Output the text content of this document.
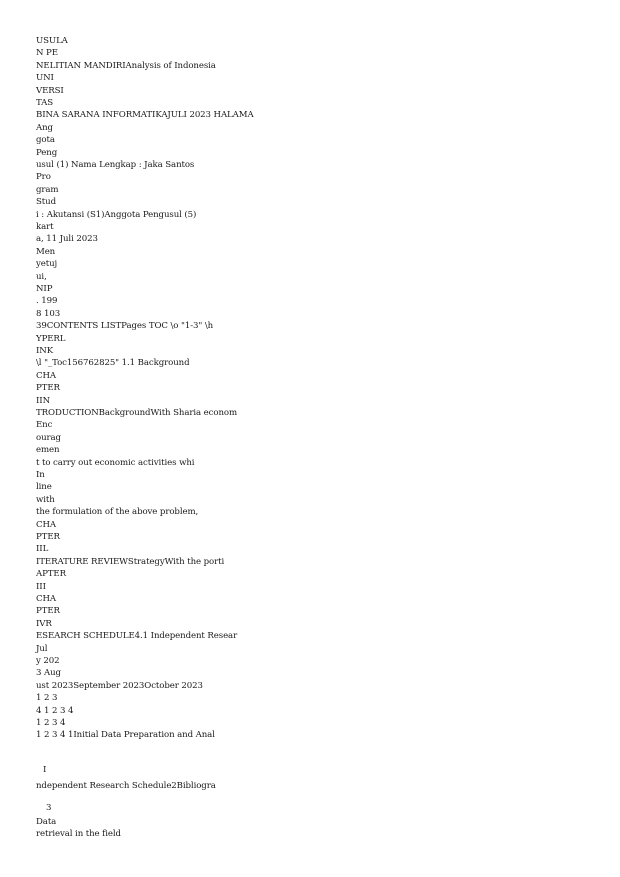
USULA
N PE
NELITIAN MANDIRIAnalysis of Indonesia
UNI
VERSI
TAS
BINA SARANA INFORMATIKAJULI 2023 HALAMA
Ang
gota
Peng
usul (1) Nama Lengkap : Jaka Santos
Pro
gram
Stud
i : Akutansi (S1)Anggota Pengusul (5)
kart
a, 11 Juli 2023
Men
yetuj
ui,
NIP
. 199
8 103
39CONTENTS LISTPages TOC \o "1-3" \h
YPERL
INK
\l "_Toc156762825" 1.1 Background
CHA
PTER
IIN
TRODUCTIONBackgroundWith Sharia econom
Enc
ourag
emen
t to carry out economic activities whi
In
line
with
the formulation of the above problem,
CHA
PTER
IIL
ITERATURE REVIEWStrategyWith the porti
APTER
III
CHA
PTER
IVR
ESEARCH SCHEDULE4.1 Independent Resear
Jul
y 202
3 Aug
ust 2023September 2023October 2023
1 2 3
4 1 2 3 4
1 2 3 4
1 2 3 4 1Initial Data Preparation and Anal
I
ndependent Research Schedule2Bibliogra
3
Data
retrieval in the field
